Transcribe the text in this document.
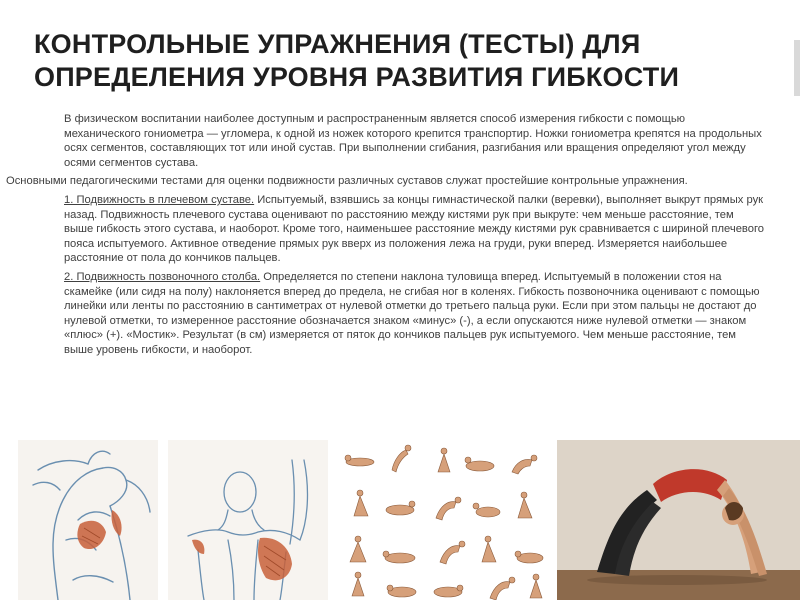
КОНТРОЛЬНЫЕ УПРАЖНЕНИЯ (ТЕСТЫ) ДЛЯ
ОПРЕДЕЛЕНИЯ УРОВНЯ РАЗВИТИЯ ГИБКОСТИ
В физическом воспитании наиболее доступным и распространенным является способ измерения гибкости с помощью механического гониометра — угломера, к одной из ножек которого крепится транспортир. Ножки гониометра крепятся на продольных осях сегментов, составляющих тот или иной сустав. При выполнении сгибания, разгибания или вращения определяют угол между осями сегментов сустава.
Основными педагогическими тестами для оценки подвижности различных суставов служат простейшие контрольные упражнения.
1. Подвижность в плечевом суставе. Испытуемый, взявшись за концы гимнастической палки (веревки), выполняет выкрут прямых рук назад. Подвижность плечевого сустава оценивают по расстоянию между кистями рук при выкруте: чем меньше расстояние, тем выше гибкость этого сустава, и наоборот. Кроме того, наименьшее расстояние между кистями рук сравнивается с шириной плечевого пояса испытуемого. Активное отведение прямых рук вверх из положения лежа на груди, руки вперед. Измеряется наибольшее расстояние от пола до кончиков пальцев.
2. Подвижность позвоночного столба. Определяется по степени наклона туловища вперед. Испытуемый в положении стоя на скамейке (или сидя на полу) наклоняется вперед до предела, не сгибая ног в коленях. Гибкость позвоночника оценивают с помощью линейки или ленты по расстоянию в сантиметрах от нулевой отметки до третьего пальца руки. Если при этом пальцы не достают до нулевой отметки, то измеренное расстояние обозначается знаком «минус» (-), а если опускаются ниже нулевой отметки — знаком «плюс» (+). «Мостик». Результат (в см) измеряется от пяток до кончиков пальцев рук испытуемого. Чем меньше расстояние, тем выше уровень гибкости, и наоборот.
